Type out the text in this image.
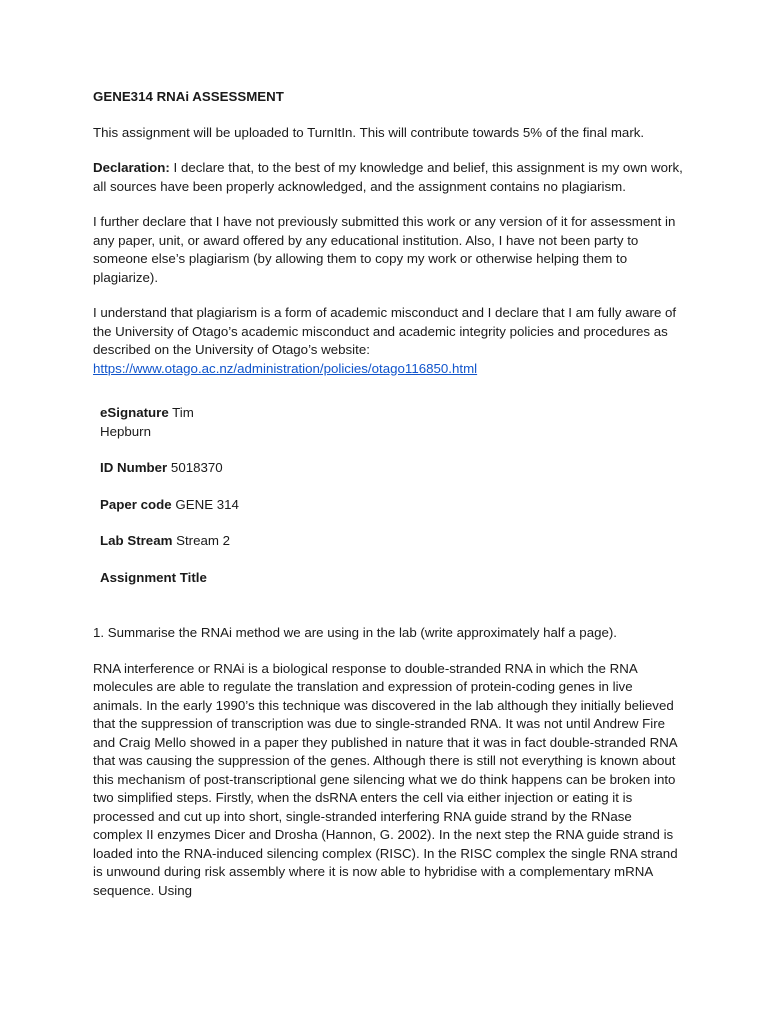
GENE314 RNAi ASSESSMENT
This assignment will be uploaded to TurnItIn. This will contribute towards 5% of the final mark.
Declaration: I declare that, to the best of my knowledge and belief, this assignment is my own work, all sources have been properly acknowledged, and the assignment contains no plagiarism.
I further declare that I have not previously submitted this work or any version of it for assessment in any paper, unit, or award offered by any educational institution. Also, I have not been party to someone else’s plagiarism (by allowing them to copy my work or otherwise helping them to plagiarize).
I understand that plagiarism is a form of academic misconduct and I declare that I am fully aware of the University of Otago’s academic misconduct and academic integrity policies and procedures as described on the University of Otago’s website:
https://www.otago.ac.nz/administration/policies/otago116850.html
eSignature Tim Hepburn
ID Number 5018370
Paper code GENE 314
Lab Stream Stream 2
Assignment Title
1. Summarise the RNAi method we are using in the lab (write approximately half a page).
RNA interference or RNAi is a biological response to double-stranded RNA in which the RNA molecules are able to regulate the translation and expression of protein-coding genes in live animals. In the early 1990’s this technique was discovered in the lab although they initially believed that the suppression of transcription was due to single-stranded RNA. It was not until Andrew Fire and Craig Mello showed in a paper they published in nature that it was in fact double-stranded RNA that was causing the suppression of the genes. Although there is still not everything is known about this mechanism of post-transcriptional gene silencing what we do think happens can be broken into two simplified steps. Firstly, when the dsRNA enters the cell via either injection or eating it is processed and cut up into short, single-stranded interfering RNA guide strand by the RNase complex II enzymes Dicer and Drosha (Hannon, G. 2002). In the next step the RNA guide strand is loaded into the RNA-induced silencing complex (RISC). In the RISC complex the single RNA strand is unwound during risk assembly where it is now able to hybridise with a complementary mRNA sequence. Using
